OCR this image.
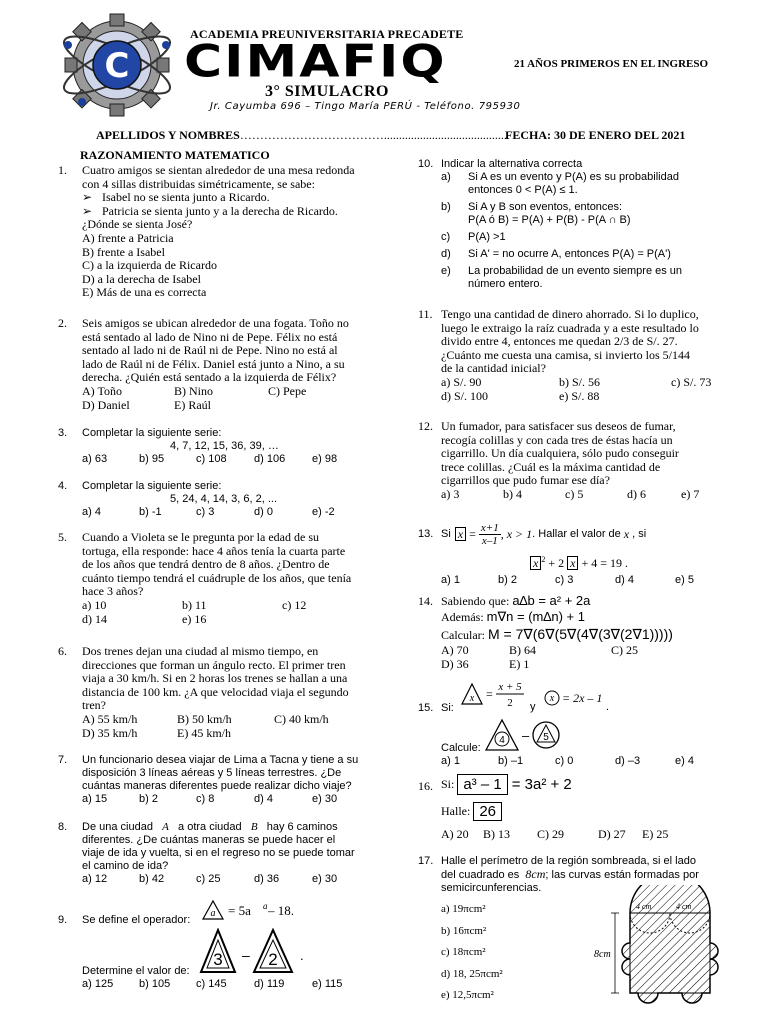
C
ACADEMIA PREUNIVERSITARIA PRECADETE
CIMAFIQ
3° SIMULACRO
Jr. Cayumba 696 – Tingo María PERÚ - Teléfono. 795930
21 AÑOS PRIMEROS EN EL INGRESO
APELLIDOS Y NOMBRES……………………………….........................................
FECHA: 30 DE ENERO DEL 2021
RAZONAMIENTO MATEMATICO
1. Cuatro amigos se sientan alrededor de una mesa redonda
con 4 sillas distribuidas simétricamente, se sabe:
➢ Isabel no se sienta junto a Ricardo.
➢ Patricia se sienta junto y a la derecha de Ricardo.
¿Dónde se sienta José?
A) frente a Patricia
B) frente a Isabel
C) a la izquierda de Ricardo
D) a la derecha de Isabel
E) Más de una es correcta
2. Seis amigos se ubican alrededor de una fogata. Toño no
está sentado al lado de Nino ni de Pepe. Félix no está
sentado al lado ni de Raúl ni de Pepe. Nino no está al
lado de Raúl ni de Félix. Daniel está junto a Nino, a su
derecha. ¿Quién está sentado a la izquierda de Félix?
A) Toño	B) Nino	C) Pepe
D) Daniel	E) Raúl
3. Completar la siguiente serie:
4, 7, 12, 15, 36, 39, …
a) 63	b) 95	c) 108 d) 106 e) 98
4. Completar la siguiente serie:
5, 24, 4, 14, 3, 6, 2, ...
a) 4	b) -1	c) 3	d) 0	e) -2
5. Cuando a Violeta se le pregunta por la edad de su
tortuga, ella responde: hace 4 años tenía la cuarta parte
de los años que tendrá dentro de 8 años. ¿Dentro de
cuánto tiempo tendrá el cuádruple de los años, que tenía
hace 3 años?
a) 10	b) 11	c) 12
d) 14	e) 16
6. Dos trenes dejan una ciudad al mismo tiempo, en
direcciones que forman un ángulo recto. El primer tren
viaja a 30 km/h. Si en 2 horas los trenes se hallan a una
distancia de 100 km. ¿A que velocidad viaja el segundo
tren?
A) 55 km/h	B) 50 km/h	C) 40 km/h
D) 35 km/h	E) 45 km/h
7. Un funcionario desea viajar de Lima a Tacna y tiene a su
disposición 3 líneas aéreas y 5 líneas terrestres. ¿De
cuántas maneras diferentes puede realizar dicho viaje?
a) 15	b) 2	c) 8	d) 4	e) 30
8. De una ciudad A a otra ciudad B hay 6 caminos
diferentes. ¿De cuántas maneras se puede hacer el
viaje de ida y vuelta, si en el regreso no se puede tomar
el camino de ida?
a) 12	b) 42	c) 25	d) 36	e) 30
9. Se define el operador:
a = 5a a – 18.
3 – 2 .
Determine el valor de:
a) 125 b) 105 c) 145 d) 119	e) 115
10. Indicar la alternativa correcta
a)	Si A es un evento y P(A) es su probabilidad
entonces 0 < P(A) ≤ 1.
b)	Si A y B son eventos, entonces:
P(A ó B) = P(A) + P(B) - P(A ∩ B)
c)	P(A) >1
d)	Si A' = no ocurre A, entonces P(A) = P(A')
e)	La probabilidad de un evento siempre es un
número entero.
11. Tengo una cantidad de dinero ahorrado. Si lo duplico,
luego le extraigo la raíz cuadrada y a este resultado lo
divido entre 4, entonces me quedan 2/3 de S/. 27.
¿Cuánto me cuesta una camisa, si invierto los 5/144
de la cantidad inicial?
a) S/. 90	b) S/. 56	c) S/. 73
d) S/. 100	e) S/. 88
12. Un fumador, para satisfacer sus deseos de fumar,
recogía colillas y con cada tres de éstas hacía un
cigarrillo. Un día cualquiera, sólo pudo conseguir
trece colillas. ¿Cuál es la máxima cantidad de
cigarrillos que pudo fumar ese día?
a) 3	b) 4	c) 5	d) 6	e) 7
13. Si $x = \frac{x+1}{x-1}$ , x > 1 . Hallar el valor de
x
, si
x $^2$ + 2 x + 4 = 19 .
a) 1	b) 2	c) 3	d) 4	e) 5
14. Sabiendo que: a∆b = a² + 2a
Además: m∇n = (m∆n) + 1
Calcular: M = 7∇(6∇(5∇(4∇(3∇(2∇1)))))
A) 70	B) 64	C) 25
D) 36	E) 1
15. Si:
x = x + 5
2 y
x = 2x – 1
.
Calcule:
4 – 5
a) 1	b) –1	c) 0	d) –3	e) 4
16. Si:
a³ – 1 = 3a² + 2
Halle:
26
A) 20 B) 13 C) 29	D) 27 E) 25
17. Halle el perímetro de la región sombreada, si el lado
del cuadrado es 8cm; las curvas están formadas por
semicircunferencias.
a) 19πcm²
b) 16πcm²
c) 18πcm²
d) 18, 25πcm²
e) 12,5πcm²
8cm
4 cm	4 cm
